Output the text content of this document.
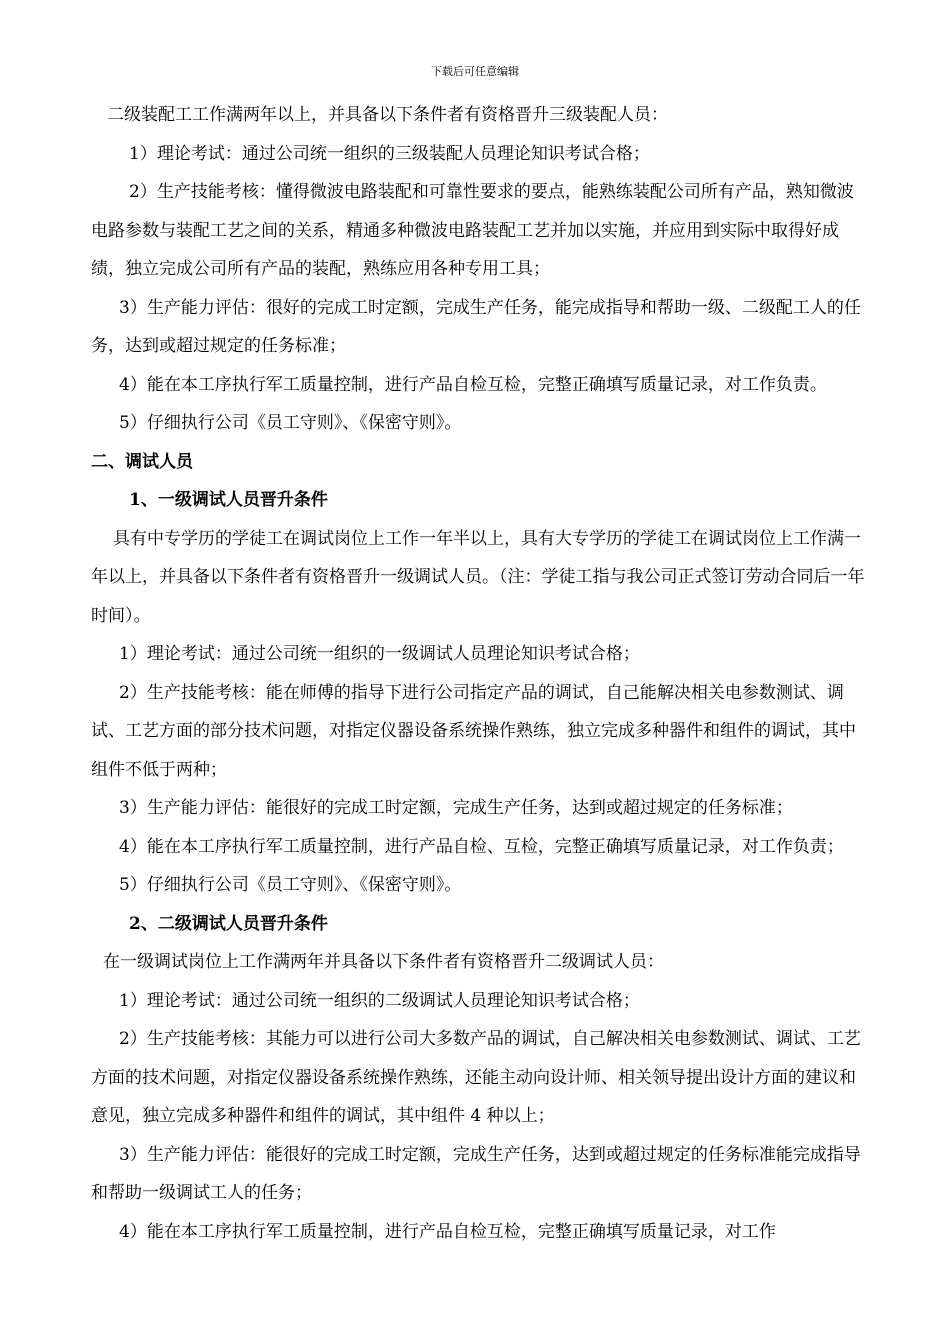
下载后可任意编辑

二级装配工工作满两年以上，并具备以下条件者有资格晋升三级装配人员：

1）理论考试：通过公司统一组织的三级装配人员理论知识考试合格；

2）生产技能考核：懂得微波电路装配和可靠性要求的要点，能熟练装配公司所有产品，熟知微波电路参数与装配工艺之间的关系，精通多种微波电路装配工艺并加以实施，并应用到实际中取得好成绩，独立完成公司所有产品的装配，熟练应用各种专用工具；

3）生产能力评估：很好的完成工时定额，完成生产任务，能完成指导和帮助一级、二级配工人的任务，达到或超过规定的任务标准；

4）能在本工序执行军工质量控制，进行产品自检互检，完整正确填写质量记录，对工作负责。

5）仔细执行公司《员工守则》、《保密守则》。

二、调试人员

1、一级调试人员晋升条件

具有中专学历的学徒工在调试岗位上工作一年半以上，具有大专学历的学徒工在调试岗位上工作满一年以上，并具备以下条件者有资格晋升一级调试人员。（注：学徒工指与我公司正式签订劳动合同后一年时间）。

1）理论考试：通过公司统一组织的一级调试人员理论知识考试合格；

2）生产技能考核：能在师傅的指导下进行公司指定产品的调试，自己能解决相关电参数测试、调试、工艺方面的部分技术问题，对指定仪器设备系统操作熟练，独立完成多种器件和组件的调试，其中组件不低于两种；

3）生产能力评估：能很好的完成工时定额，完成生产任务，达到或超过规定的任务标准；

4）能在本工序执行军工质量控制，进行产品自检、互检，完整正确填写质量记录，对工作负责；

5）仔细执行公司《员工守则》、《保密守则》。

2、二级调试人员晋升条件

在一级调试岗位上工作满两年并具备以下条件者有资格晋升二级调试人员：

1）理论考试：通过公司统一组织的二级调试人员理论知识考试合格；

2）生产技能考核：其能力可以进行公司大多数产品的调试，自己解决相关电参数测试、调试、工艺方面的技术问题，对指定仪器设备系统操作熟练，还能主动向设计师、相关领导提出设计方面的建议和意见，独立完成多种器件和组件的调试，其中组件 4 种以上；

3）生产能力评估：能很好的完成工时定额，完成生产任务，达到或超过规定的任务标准能完成指导和帮助一级调试工人的任务；

4）能在本工序执行军工质量控制，进行产品自检互检，完整正确填写质量记录，对工作
